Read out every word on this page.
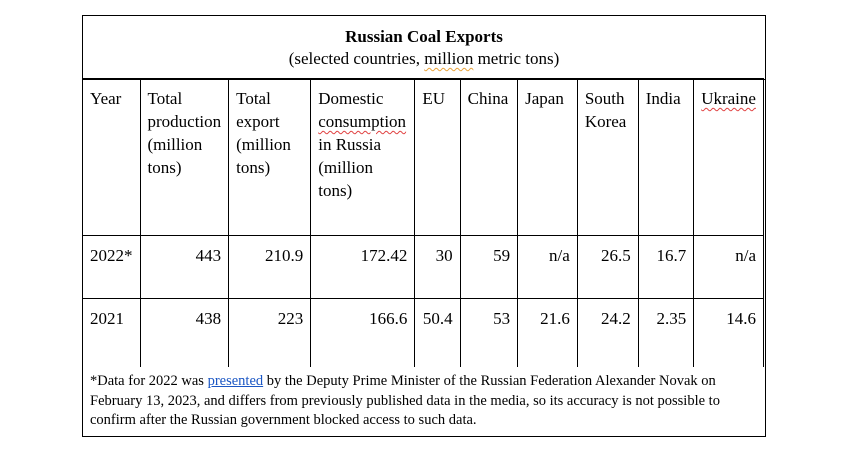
Russian Coal Exports
(selected countries, million metric tons)
Year	Total production (million tons)	Total export (million tons)	Domestic consumption in Russia (million tons)	EU	China	Japan	South Korea	India	Ukraine
2022*	443	210.9	172.42	30	59	n/a	26.5	16.7	n/a
2021	438	223	166.6	50.4	53	21.6	24.2	2.35	14.6
*Data for 2022 was presented by the Deputy Prime Minister of the Russian Federation Alexander Novak on February 13, 2023, and differs from previously published data in the media, so its accuracy is not possible to confirm after the Russian government blocked access to such data.
